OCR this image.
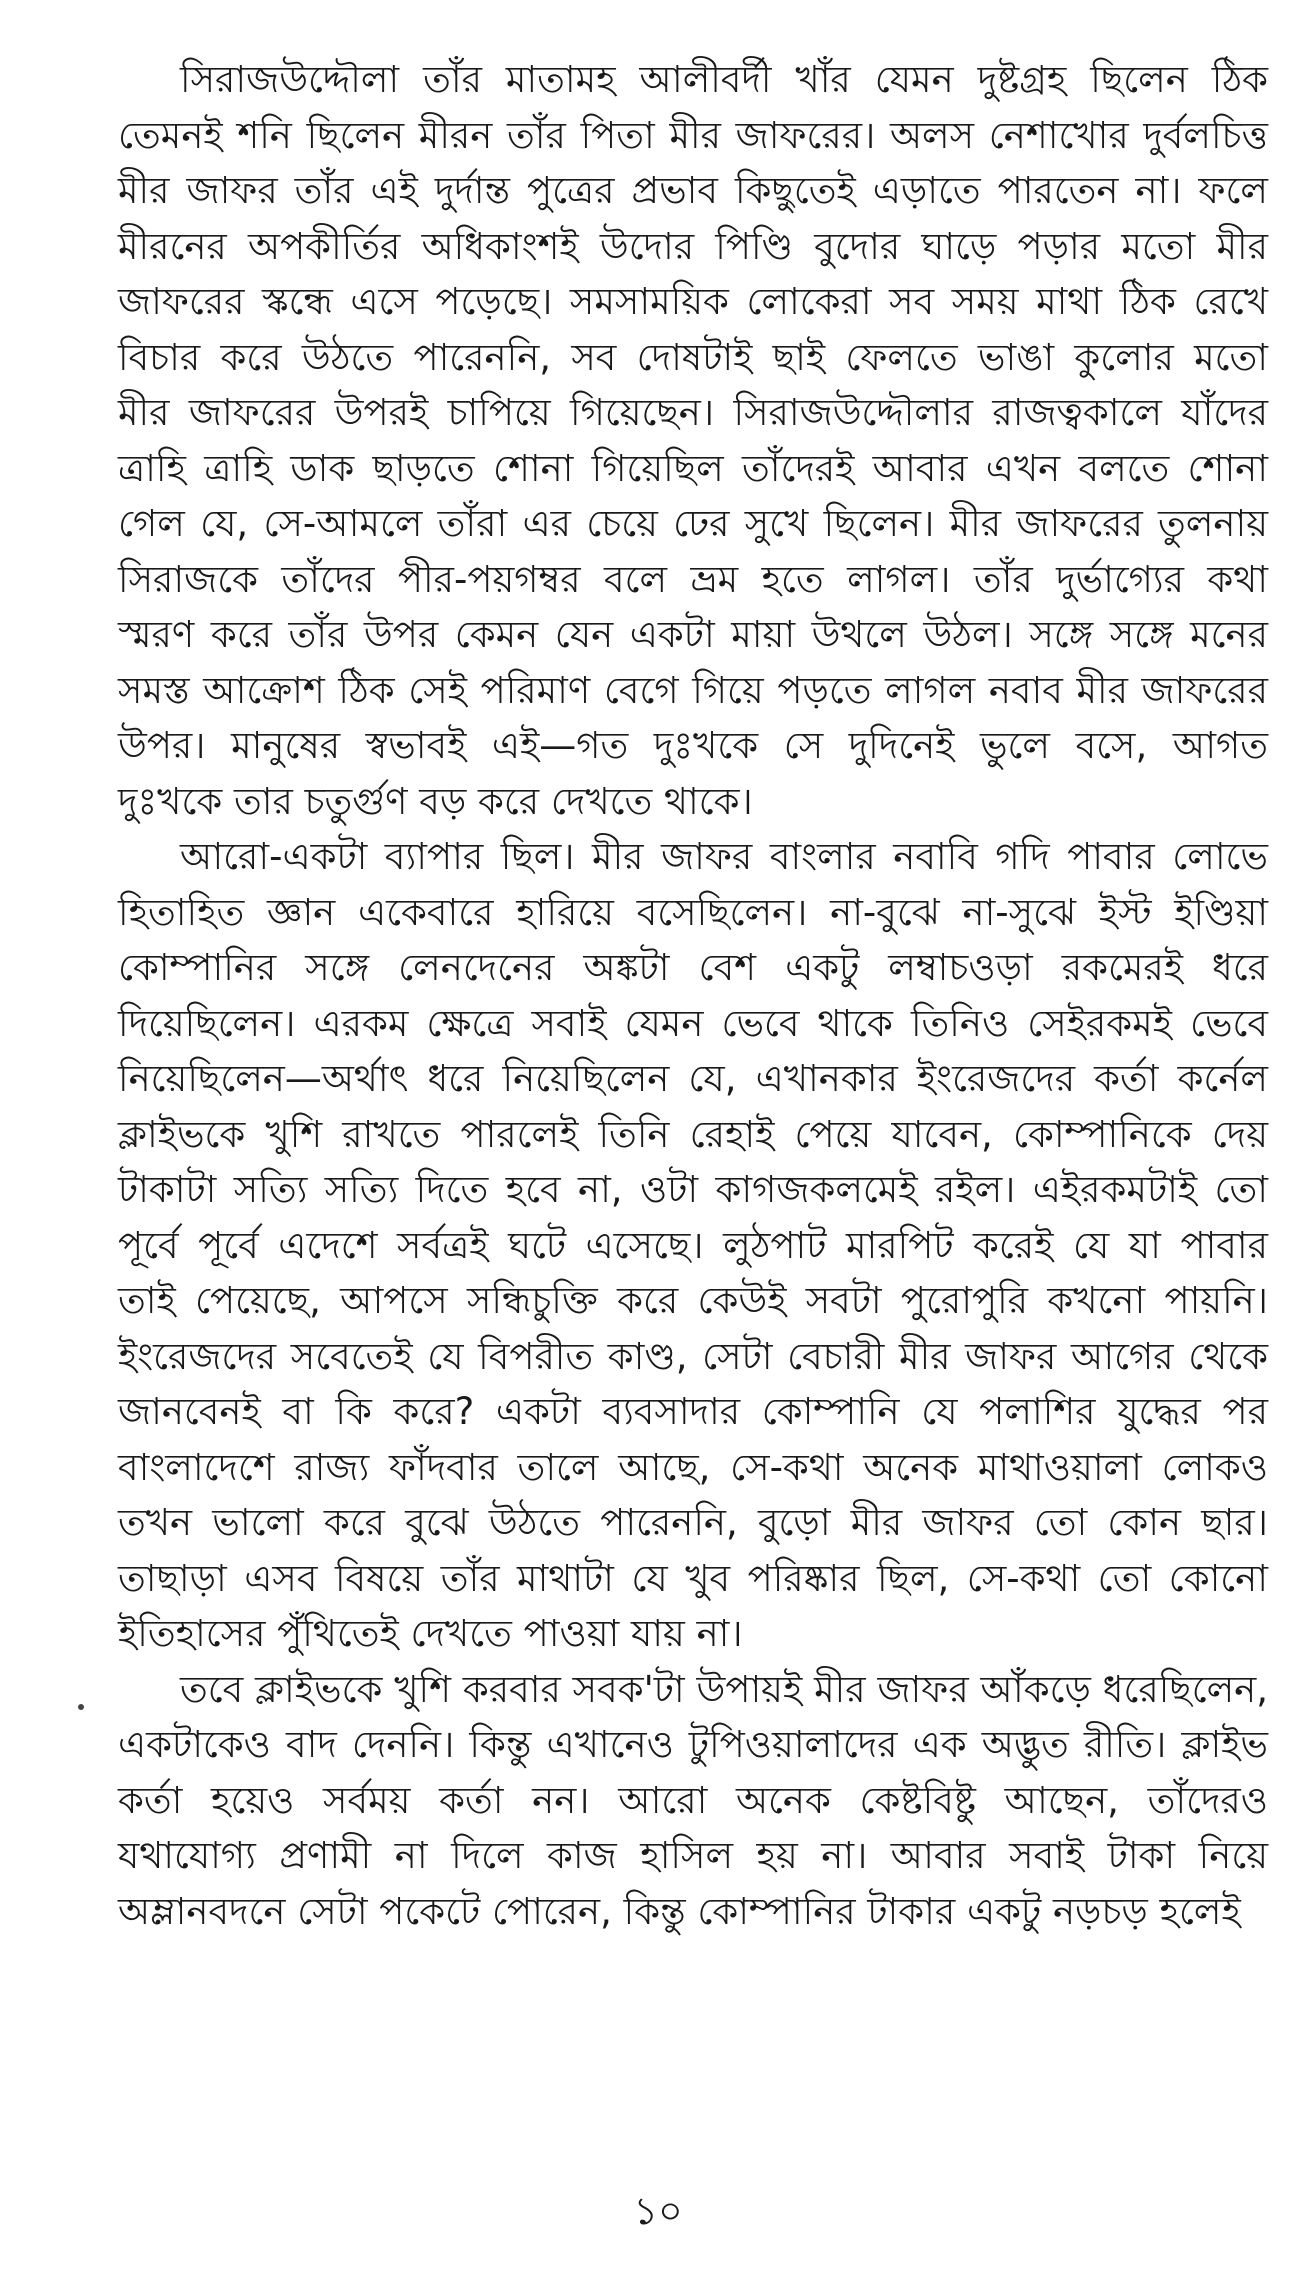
সিরাজউদ্দৌলা তাঁর মাতামহ আলীবর্দী খাঁর যেমন দুষ্টগ্রহ ছিলেন ঠিক
তেমনই শনি ছিলেন মীরন তাঁর পিতা মীর জাফরের। অলস নেশাখোর দুর্বলচিত্ত
মীর জাফর তাঁর এই দুর্দান্ত পুত্রের প্রভাব কিছুতেই এড়াতে পারতেন না। ফলে
মীরনের অপকীর্তির অধিকাংশই উদোর পিণ্ডি বুদোর ঘাড়ে পড়ার মতো মীর
জাফরের স্কন্ধে এসে পড়েছে। সমসাময়িক লোকেরা সব সময় মাথা ঠিক রেখে
বিচার করে উঠতে পারেননি, সব দোষটাই ছাই ফেলতে ভাঙা কুলোর মতো
মীর জাফরের উপরই চাপিয়ে গিয়েছেন। সিরাজউদ্দৌলার রাজত্বকালে যাঁদের
ত্রাহি ত্রাহি ডাক ছাড়তে শোনা গিয়েছিল তাঁদেরই আবার এখন বলতে শোনা
গেল যে, সে-আমলে তাঁরা এর চেয়ে ঢের সুখে ছিলেন। মীর জাফরের তুলনায়
সিরাজকে তাঁদের পীর-পয়গম্বর বলে ভ্রম হতে লাগল। তাঁর দুর্ভাগ্যের কথা
স্মরণ করে তাঁর উপর কেমন যেন একটা মায়া উথলে উঠল। সঙ্গে সঙ্গে মনের
সমস্ত আক্রোশ ঠিক সেই পরিমাণ বেগে গিয়ে পড়তে লাগল নবাব মীর জাফরের
উপর। মানুষের স্বভাবই এই—গত দুঃখকে সে দুদিনেই ভুলে বসে, আগত
দুঃখকে তার চতুর্গুণ বড় করে দেখতে থাকে।
আরো-একটা ব্যাপার ছিল। মীর জাফর বাংলার নবাবি গদি পাবার লোভে
হিতাহিত জ্ঞান একেবারে হারিয়ে বসেছিলেন। না-বুঝে না-সুঝে ইস্ট ইণ্ডিয়া
কোম্পানির সঙ্গে লেনদেনের অঙ্কটা বেশ একটু লম্বাচওড়া রকমেরই ধরে
দিয়েছিলেন। এরকম ক্ষেত্রে সবাই যেমন ভেবে থাকে তিনিও সেইরকমই ভেবে
নিয়েছিলেন—অর্থাৎ ধরে নিয়েছিলেন যে, এখানকার ইংরেজদের কর্তা কর্নেল
ক্লাইভকে খুশি রাখতে পারলেই তিনি রেহাই পেয়ে যাবেন, কোম্পানিকে দেয়
টাকাটা সত্যি সত্যি দিতে হবে না, ওটা কাগজকলমেই রইল। এইরকমটাই তো
পূর্বে পূর্বে এদেশে সর্বত্রই ঘটে এসেছে। লুঠপাট মারপিট করেই যে যা পাবার
তাই পেয়েছে, আপসে সন্ধিচুক্তি করে কেউই সবটা পুরোপুরি কখনো পায়নি।
ইংরেজদের সবেতেই যে বিপরীত কাণ্ড, সেটা বেচারী মীর জাফর আগের থেকে
জানবেনই বা কি করে? একটা ব্যবসাদার কোম্পানি যে পলাশির যুদ্ধের পর
বাংলাদেশে রাজ্য ফাঁদবার তালে আছে, সে-কথা অনেক মাথাওয়ালা লোকও
তখন ভালো করে বুঝে উঠতে পারেননি, বুড়ো মীর জাফর তো কোন ছার।
তাছাড়া এসব বিষয়ে তাঁর মাথাটা যে খুব পরিষ্কার ছিল, সে-কথা তো কোনো
ইতিহাসের পুঁথিতেই দেখতে পাওয়া যায় না।
তবে ক্লাইভকে খুশি করবার সবক'টা উপায়ই মীর জাফর আঁকড়ে ধরেছিলেন,
একটাকেও বাদ দেননি। কিন্তু এখানেও টুপিওয়ালাদের এক অদ্ভুত রীতি। ক্লাইভ
কর্তা হয়েও সর্বময় কর্তা নন। আরো অনেক কেষ্টবিষ্টু আছেন, তাঁদেরও
যথাযোগ্য প্রণামী না দিলে কাজ হাসিল হয় না। আবার সবাই টাকা নিয়ে
অম্লানবদনে সেটা পকেটে পোরেন, কিন্তু কোম্পানির টাকার একটু নড়চড় হলেই
১০
